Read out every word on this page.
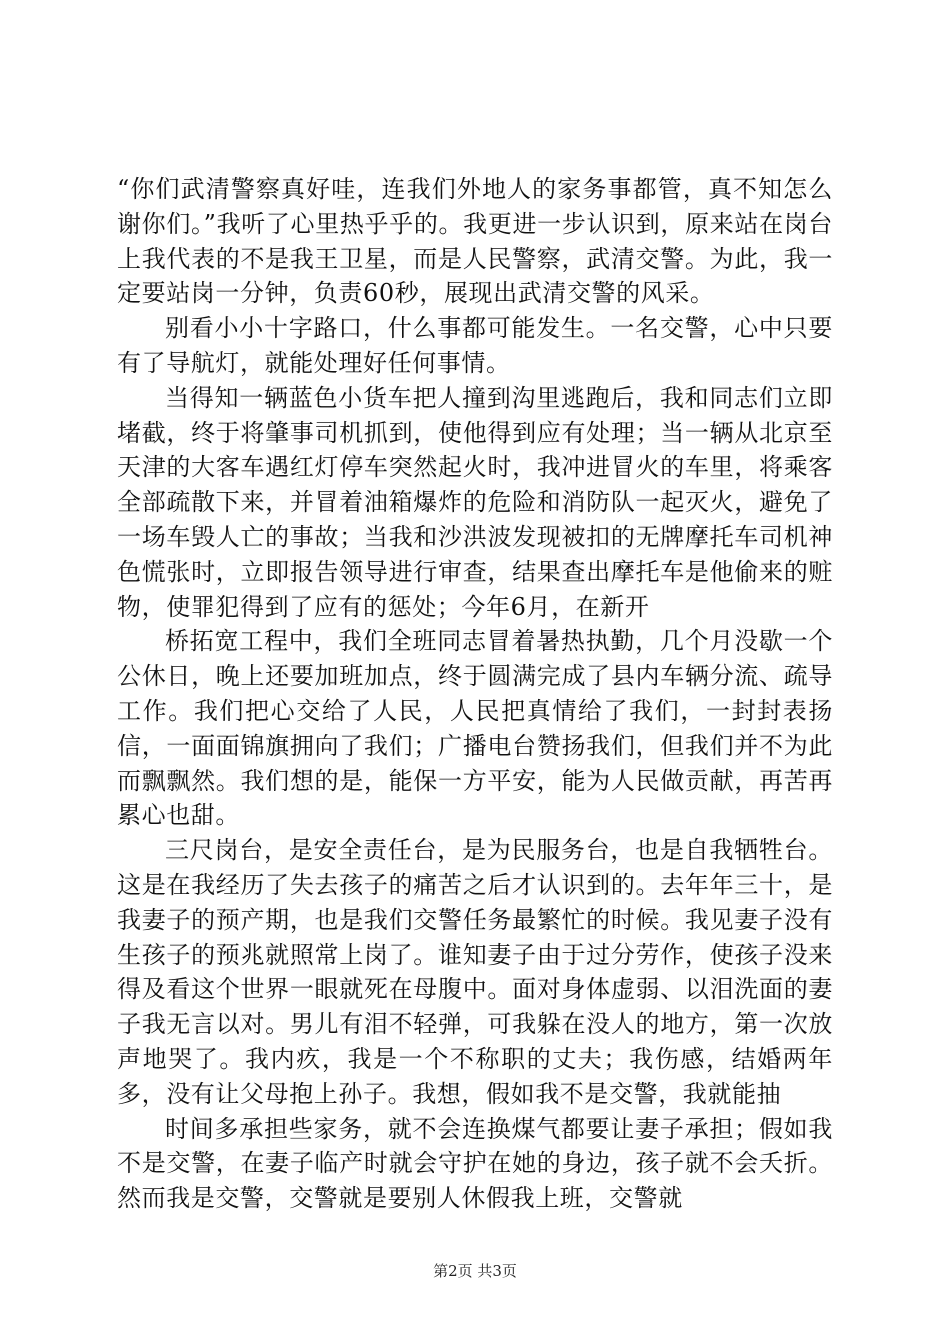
“你们武清警察真好哇，连我们外地人的家务事都管，真不知怎么谢你们。”我听了心里热乎乎的。我更进一步认识到，原来站在岗台上我代表的不是我王卫星，而是人民警察，武清交警。为此，我一定要站岗一分钟，负责60秒，展现出武清交警的风采。

别看小小十字路口，什么事都可能发生。一名交警，心中只要有了导航灯，就能处理好任何事情。

当得知一辆蓝色小货车把人撞到沟里逃跑后，我和同志们立即堵截，终于将肇事司机抓到，使他得到应有处理；当一辆从北京至天津的大客车遇红灯停车突然起火时，我冲进冒火的车里，将乘客全部疏散下来，并冒着油箱爆炸的危险和消防队一起灭火，避免了一场车毁人亡的事故；当我和沙洪波发现被扣的无牌摩托车司机神色慌张时，立即报告领导进行审查，结果查出摩托车是他偷来的赃物，使罪犯得到了应有的惩处；今年6月，在新开

桥拓宽工程中，我们全班同志冒着暑热执勤，几个月没歇一个公休日，晚上还要加班加点，终于圆满完成了县内车辆分流、疏导工作。我们把心交给了人民，人民把真情给了我们，一封封表扬信，一面面锦旗拥向了我们；广播电台赞扬我们，但我们并不为此而飘飘然。我们想的是，能保一方平安，能为人民做贡献，再苦再累心也甜。

三尺岗台，是安全责任台，是为民服务台，也是自我牺牲台。这是在我经历了失去孩子的痛苦之后才认识到的。去年年三十，是我妻子的预产期，也是我们交警任务最繁忙的时候。我见妻子没有生孩子的预兆就照常上岗了。谁知妻子由于过分劳作，使孩子没来得及看这个世界一眼就死在母腹中。面对身体虚弱、以泪洗面的妻子我无言以对。男儿有泪不轻弹，可我躲在没人的地方，第一次放声地哭了。我内疚，我是一个不称职的丈夫；我伤感，结婚两年多，没有让父母抱上孙子。我想，假如我不是交警，我就能抽

时间多承担些家务，就不会连换煤气都要让妻子承担；假如我不是交警，在妻子临产时就会守护在她的身边，孩子就不会夭折。然而我是交警，交警就是要别人休假我上班，交警就

第2页 共3页
